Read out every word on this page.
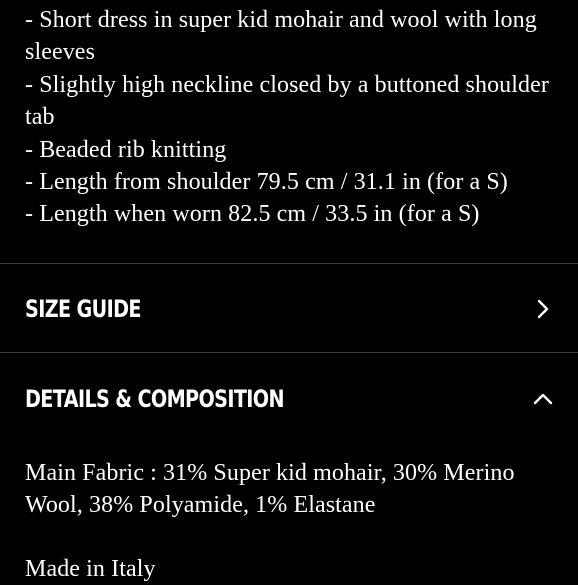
- Short dress in super kid mohair and wool with long sleeves
- Slightly high neckline closed by a buttoned shoulder tab
- Beaded rib knitting
- Length from shoulder 79.5 cm / 31.1 in (for a S)
- Length when worn 82.5 cm / 33.5 in (for a S)
SIZE GUIDE
DETAILS & COMPOSITION

Main Fabric : 31% Super kid mohair, 30% Merino Wool, 38% Polyamide, 1% Elastane

Made in Italy
